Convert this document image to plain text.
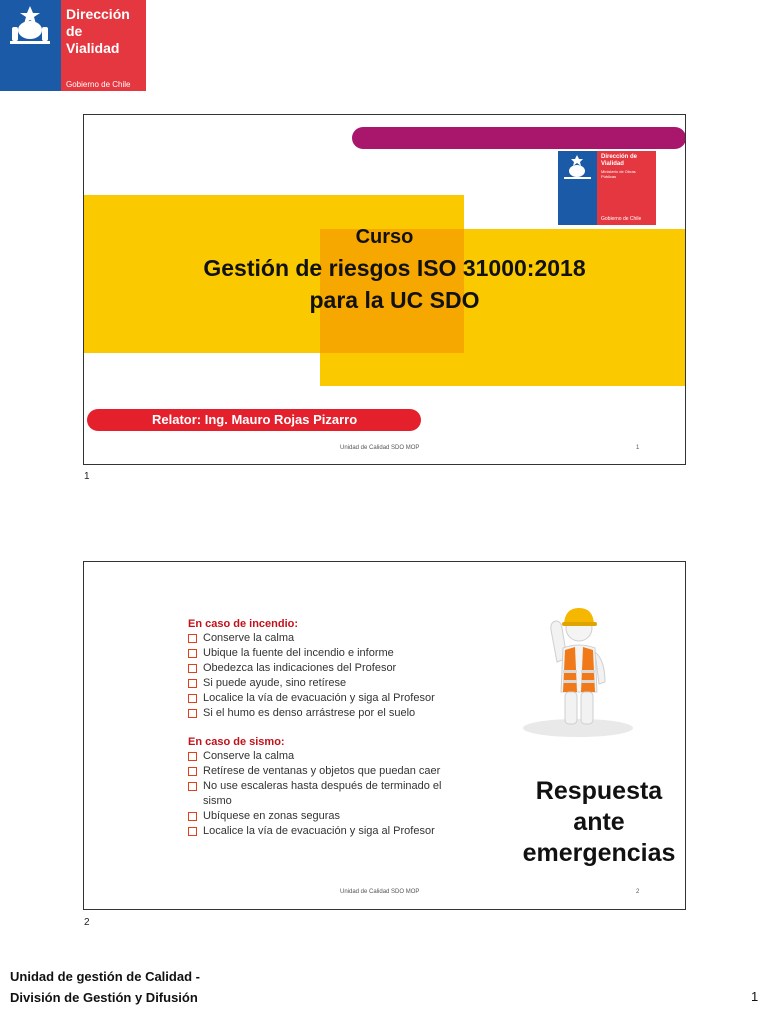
Dirección de
Vialidad
Gobierno de Chile
Dirección de
Vialidad
Ministerio de Obras
Públicas
Gobierno de Chile
Curso
Gestión de riesgos ISO 31000:2018
para la UC SDO
Relator: Ing. Mauro Rojas Pizarro
Unidad de Calidad SDO MOP	1
1
En caso de incendio:
Conserve la calma
Ubique la fuente del incendio e informe
Obedezca las indicaciones del Profesor
Si puede ayude, sino retírese
Localice la vía de evacuación y siga al Profesor
Si el humo es denso arrástrese por el suelo
En caso de sismo:
Conserve la calma
Retírese de ventanas y objetos que puedan caer
No use escaleras hasta después de terminado el sismo
Ubíquese en zonas seguras
Localice la vía de evacuación y siga al Profesor
Respuesta
ante
emergencias
Unidad de Calidad SDO MOP	2
2
Unidad de gestión de Calidad -
División de Gestión y Difusión	1
